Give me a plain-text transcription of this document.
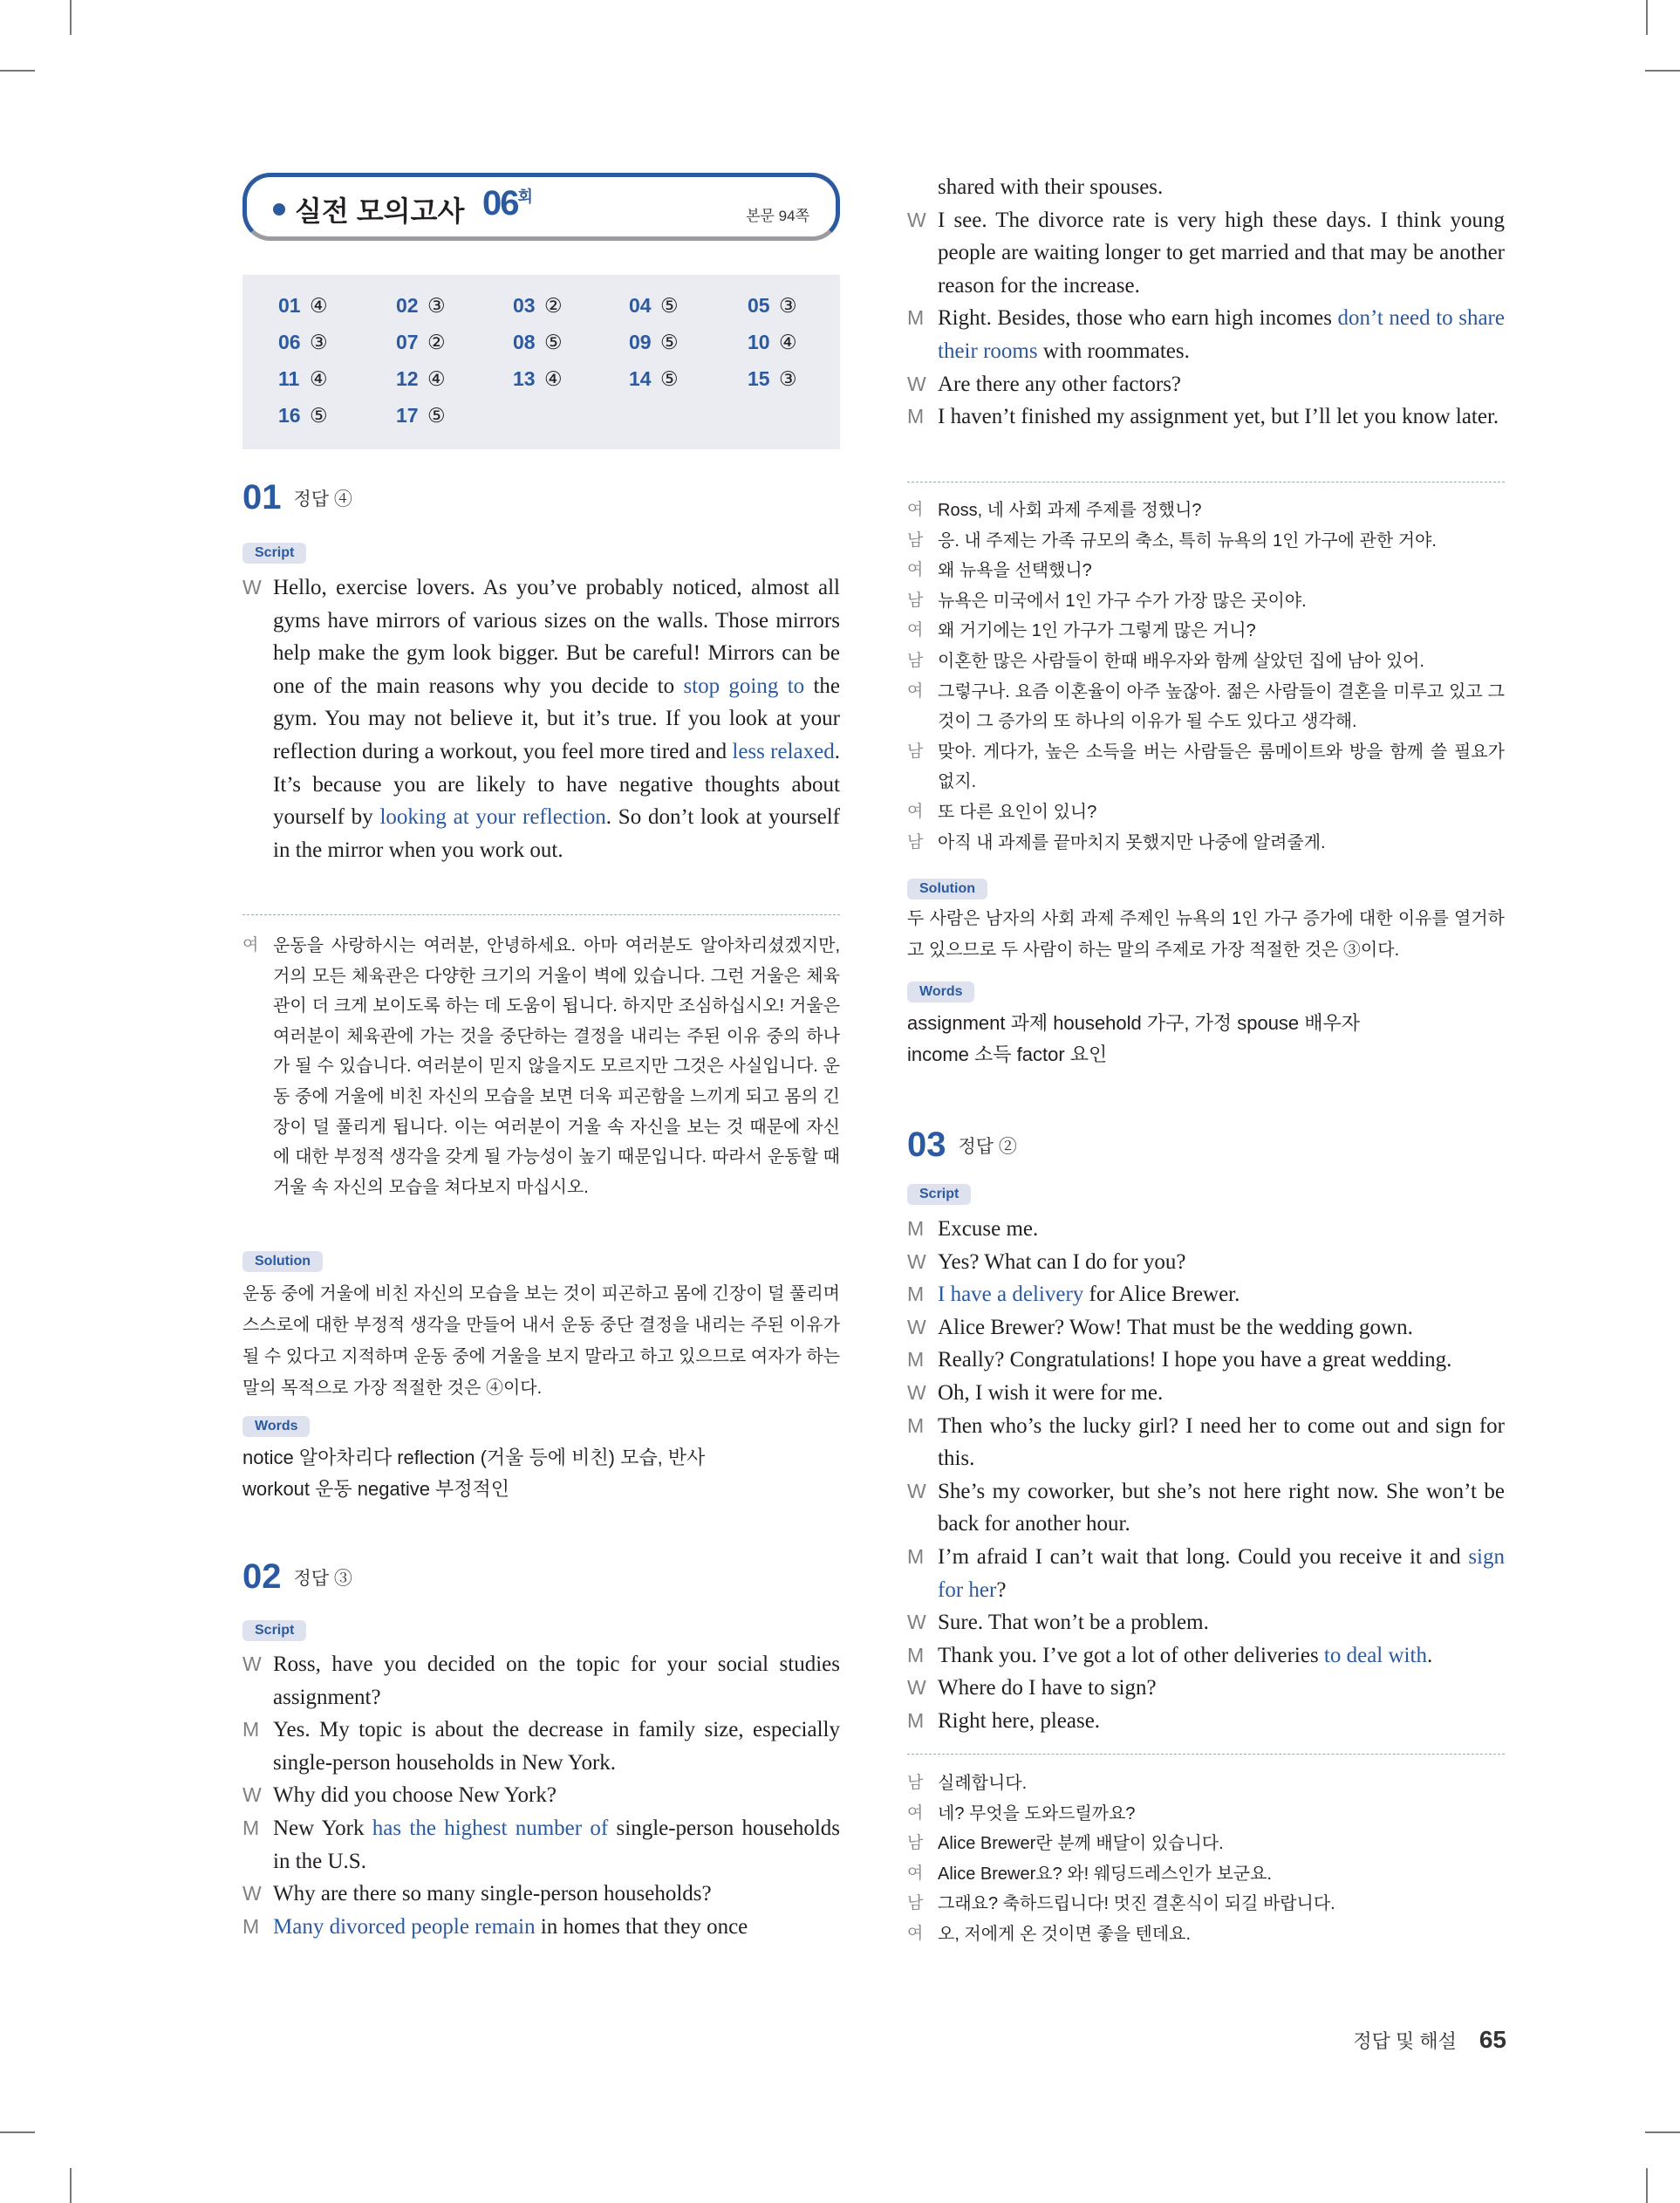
실전 모의고사 $06^회$
본문 94쪽
01 ④	02 ③	03 ②	04 ⑤	05 ③
06 ③	07 ②	08 ⑤	09 ⑤	10 ④
11 ④	12 ④	13 ④	14 ⑤	15 ③
16 ⑤	17 ⑤
01 정답 ④
Script
W Hello, exercise lovers. As you’ve probably noticed, almost all gyms have mirrors of various sizes on the walls. Those mirrors help make the gym look bigger. But be careful! Mirrors can be one of the main reasons why you decide to stop going to the gym. You may not believe it, but it’s true. If you look at your reflection during a workout, you feel more tired and less relaxed. It’s because you are likely to have negative thoughts about yourself by looking at your reflection. So don’t look at yourself in the mirror when you work out.
여 운동을 사랑하시는 여러분, 안녕하세요. 아마 여러분도 알아차리셨겠지만, 거의 모든 체육관은 다양한 크기의 거울이 벽에 있습니다. 그런 거울은 체육관이 더 크게 보이도록 하는 데 도움이 됩니다. 하지만 조심하십시오! 거울은 여러분이 체육관에 가는 것을 중단하는 결정을 내리는 주된 이유 중의 하나가 될 수 있습니다. 여러분이 믿지 않을지도 모르지만 그것은 사실입니다. 운동 중에 거울에 비친 자신의 모습을 보면 더욱 피곤함을 느끼게 되고 몸의 긴장이 덜 풀리게 됩니다. 이는 여러분이 거울 속 자신을 보는 것 때문에 자신에 대한 부정적 생각을 갖게 될 가능성이 높기 때문입니다. 따라서 운동할 때 거울 속 자신의 모습을 쳐다보지 마십시오.
Solution
운동 중에 거울에 비친 자신의 모습을 보는 것이 피곤하고 몸에 긴장이 덜 풀리며 스스로에 대한 부정적 생각을 만들어 내서 운동 중단 결정을 내리는 주된 이유가 될 수 있다고 지적하며 운동 중에 거울을 보지 말라고 하고 있으므로 여자가 하는 말의 목적으로 가장 적절한 것은 ④이다.
Words
notice 알아차리다 reflection (거울 등에 비친) 모습, 반사
workout 운동 negative 부정적인
02 정답 ③
Script
W Ross, have you decided on the topic for your social studies assignment?
M Yes. My topic is about the decrease in family size, especially single-person households in New York.
W Why did you choose New York?
M New York has the highest number of single-person households in the U.S.
W Why are there so many single-person households?
M Many divorced people remain in homes that they once
shared with their spouses.
W I see. The divorce rate is very high these days. I think young people are waiting longer to get married and that may be another reason for the increase.
M Right. Besides, those who earn high incomes don’t need to share their rooms with roommates.
W Are there any other factors?
M I haven’t finished my assignment yet, but I’ll let you know later.
여 Ross, 네 사회 과제 주제를 정했니?
남 응. 내 주제는 가족 규모의 축소, 특히 뉴욕의 1인 가구에 관한 거야.
여 왜 뉴욕을 선택했니?
남 뉴욕은 미국에서 1인 가구 수가 가장 많은 곳이야.
여 왜 거기에는 1인 가구가 그렇게 많은 거니?
남 이혼한 많은 사람들이 한때 배우자와 함께 살았던 집에 남아 있어.
여 그렇구나. 요즘 이혼율이 아주 높잖아. 젊은 사람들이 결혼을 미루고 있고 그것이 그 증가의 또 하나의 이유가 될 수도 있다고 생각해.
남 맞아. 게다가, 높은 소득을 버는 사람들은 룸메이트와 방을 함께 쓸 필요가 없지.
여 또 다른 요인이 있니?
남 아직 내 과제를 끝마치지 못했지만 나중에 알려줄게.
Solution
두 사람은 남자의 사회 과제 주제인 뉴욕의 1인 가구 증가에 대한 이유를 열거하고 있으므로 두 사람이 하는 말의 주제로 가장 적절한 것은 ③이다.
Words
assignment 과제 household 가구, 가정 spouse 배우자
income 소득 factor 요인
03 정답 ②
Script
M Excuse me.
W Yes? What can I do for you?
M I have a delivery for Alice Brewer.
W Alice Brewer? Wow! That must be the wedding gown.
M Really? Congratulations! I hope you have a great wedding.
W Oh, I wish it were for me.
M Then who’s the lucky girl? I need her to come out and sign for this.
W She’s my coworker, but she’s not here right now. She won’t be back for another hour.
M I’m afraid I can’t wait that long. Could you receive it and sign for her?
W Sure. That won’t be a problem.
M Thank you. I’ve got a lot of other deliveries to deal with.
W Where do I have to sign?
M Right here, please.
남 실례합니다.
여 네? 무엇을 도와드릴까요?
남 Alice Brewer란 분께 배달이 있습니다.
여 Alice Brewer요? 와! 웨딩드레스인가 보군요.
남 그래요? 축하드립니다! 멋진 결혼식이 되길 바랍니다.
여 오, 저에게 온 것이면 좋을 텐데요.
정답 및 해설 65
